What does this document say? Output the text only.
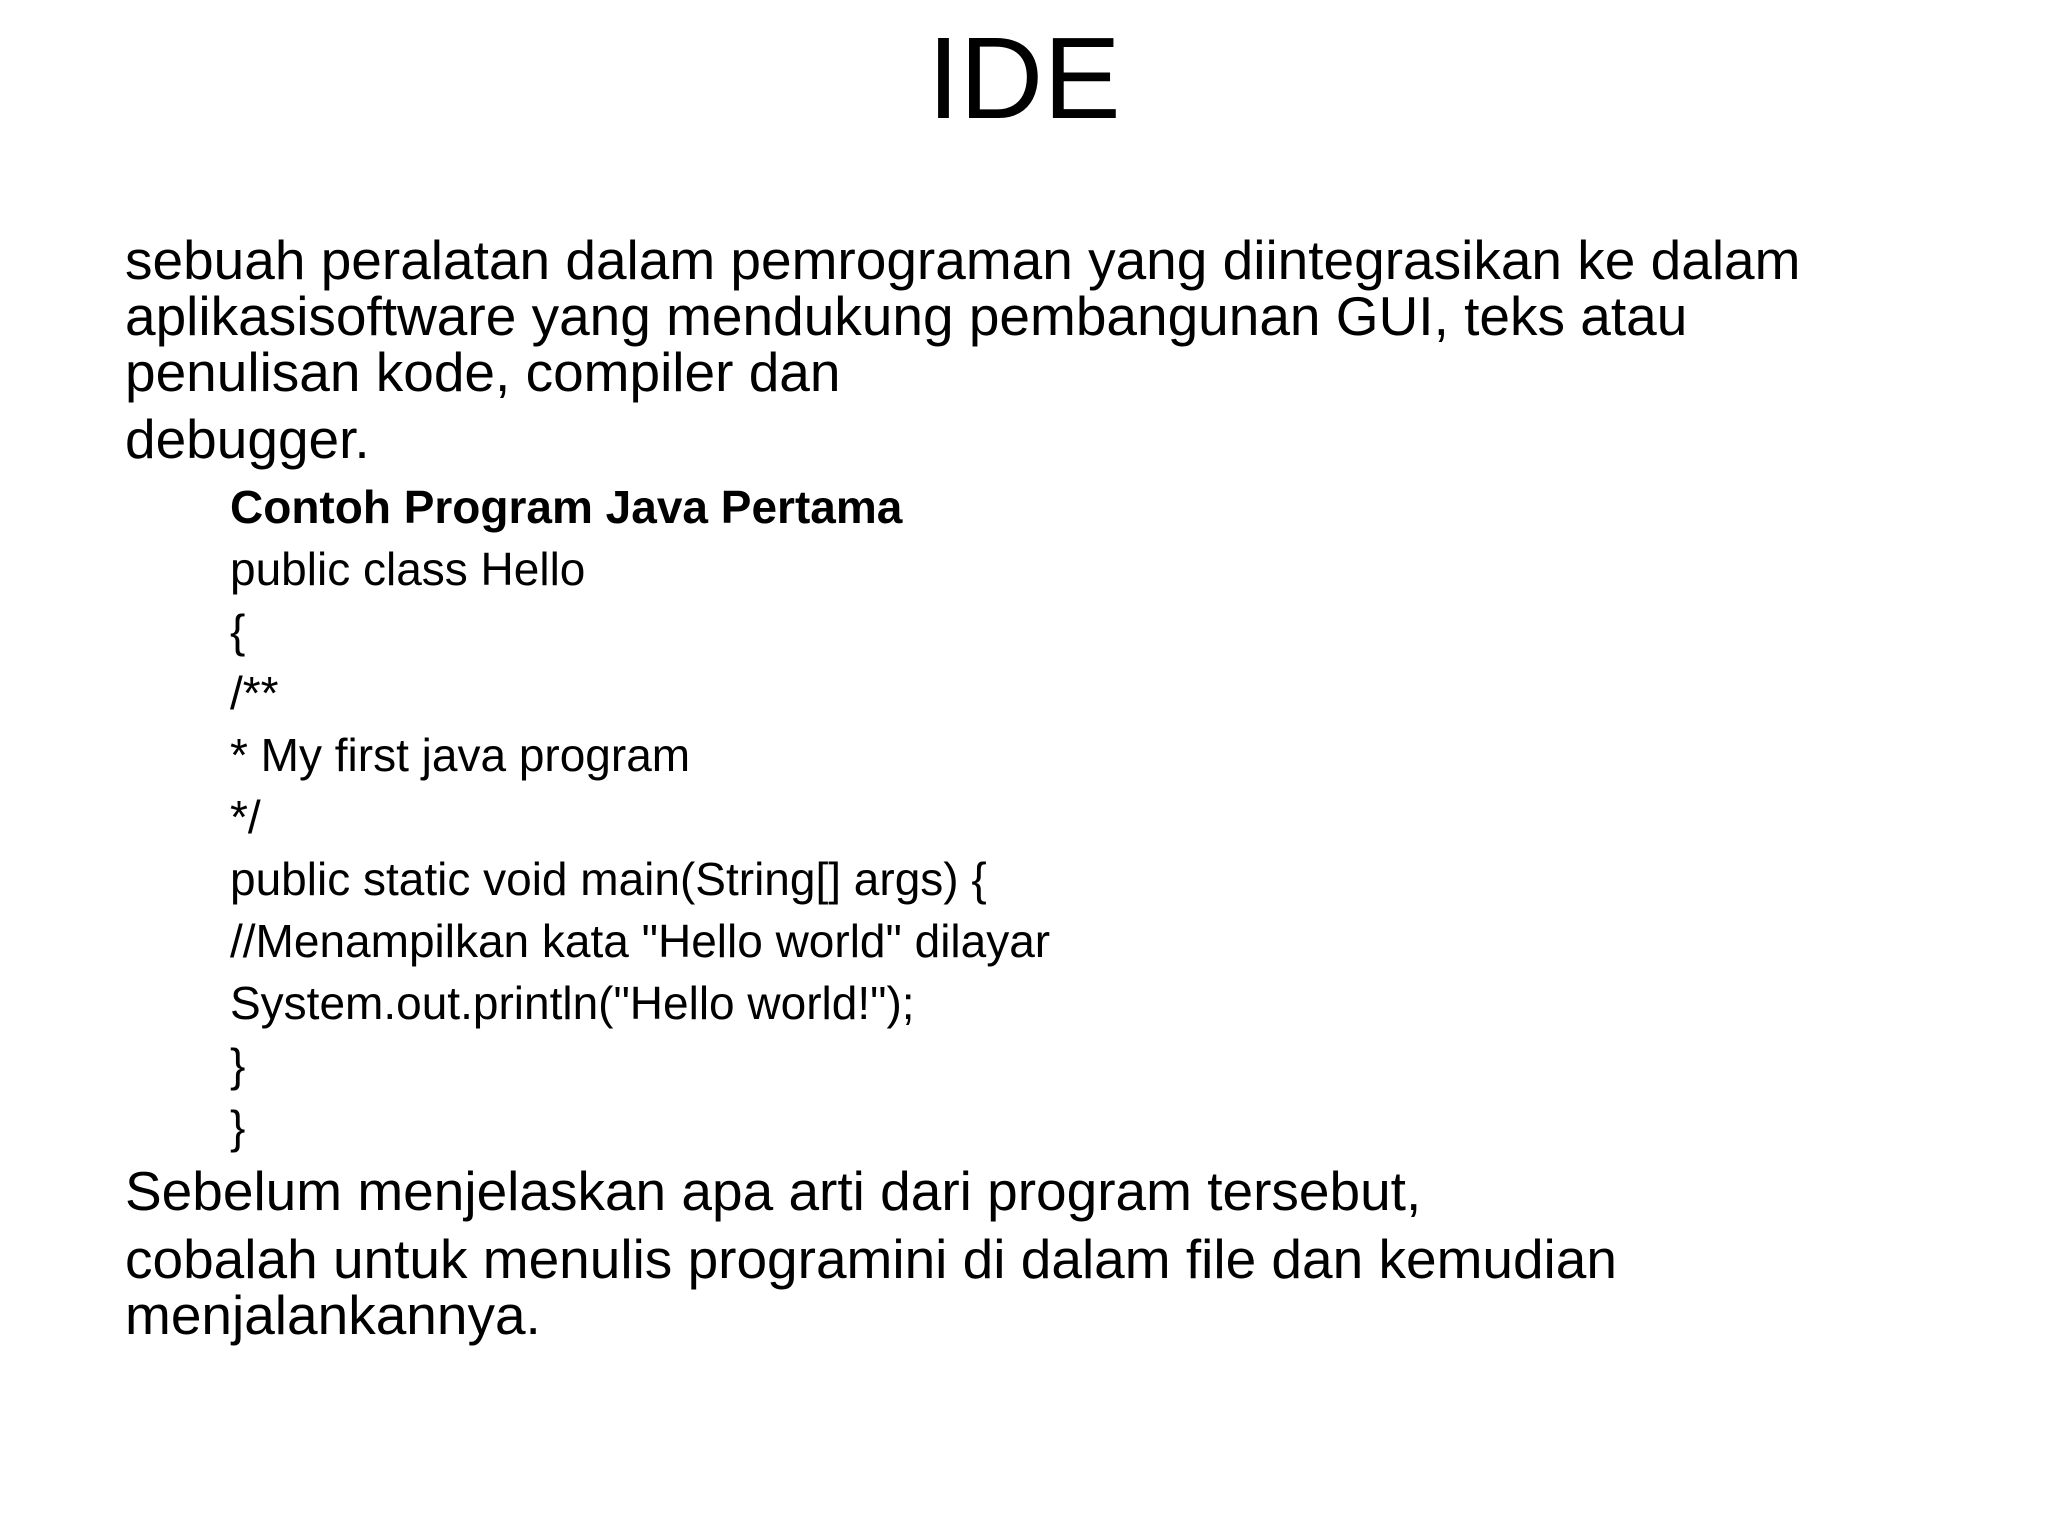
IDE

sebuah peralatan dalam pemrograman yang diintegrasikan ke dalam
aplikasisoftware yang mendukung pembangunan GUI, teks atau
penulisan kode, compiler dan

debugger.

Contoh Program Java Pertama
public class Hello
{
/**
* My first java program
*/
public static void main(String[] args) {
//Menampilkan kata "Hello world" dilayar
System.out.println("Hello world!");
}
}

Sebelum menjelaskan apa arti dari program tersebut,

cobalah untuk menulis programini di dalam file dan kemudian
menjalankannya.
